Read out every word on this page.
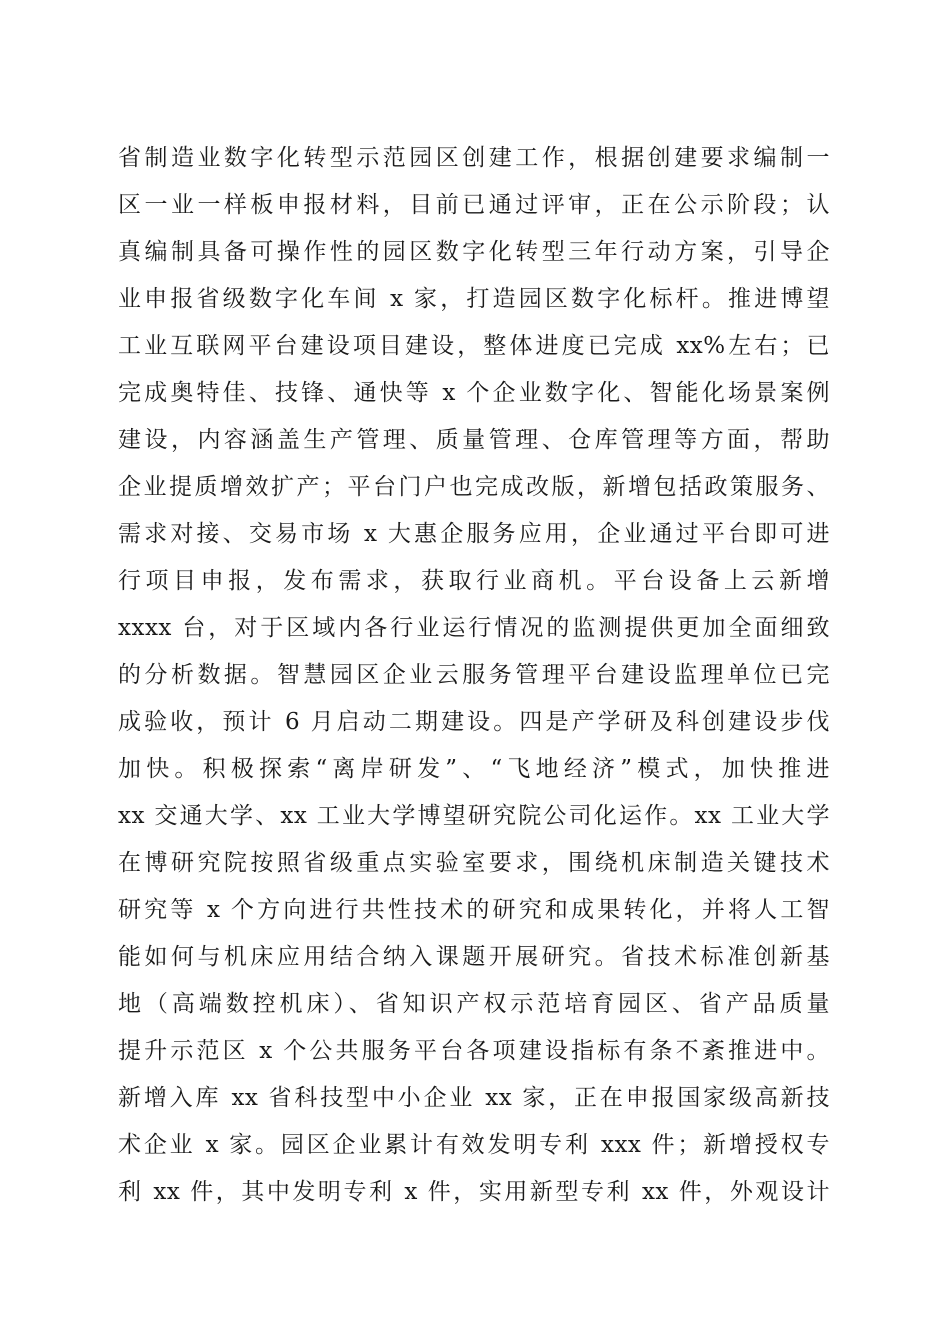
省制造业数字化转型示范园区创建工作，根据创建要求编制一
区一业一样板申报材料，目前已通过评审，正在公示阶段；认
真编制具备可操作性的园区数字化转型三年行动方案，引导企
业申报省级数字化车间 x 家，打造园区数字化标杆。推进博望
工业互联网平台建设项目建设，整体进度已完成 xx%左右；已
完成奥特佳、技锋、通快等 x 个企业数字化、智能化场景案例
建设，内容涵盖生产管理、质量管理、仓库管理等方面，帮助
企业提质增效扩产；平台门户也完成改版，新增包括政策服务、
需求对接、交易市场 x 大惠企服务应用，企业通过平台即可进
行项目申报，发布需求，获取行业商机。平台设备上云新增
xxxx 台，对于区域内各行业运行情况的监测提供更加全面细致
的分析数据。智慧园区企业云服务管理平台建设监理单位已完
成验收，预计 6 月启动二期建设。四是产学研及科创建设步伐
加快。积极探索“离岸研发”、“飞地经济”模式，加快推进
xx 交通大学、xx 工业大学博望研究院公司化运作。xx 工业大学
在博研究院按照省级重点实验室要求，围绕机床制造关键技术
研究等 x 个方向进行共性技术的研究和成果转化，并将人工智
能如何与机床应用结合纳入课题开展研究。省技术标准创新基
地（高端数控机床）、省知识产权示范培育园区、省产品质量
提升示范区 x 个公共服务平台各项建设指标有条不紊推进中。
新增入库 xx 省科技型中小企业 xx 家，正在申报国家级高新技
术企业 x 家。园区企业累计有效发明专利 xxx 件；新增授权专
利 xx 件，其中发明专利 x 件，实用新型专利 xx 件，外观设计
